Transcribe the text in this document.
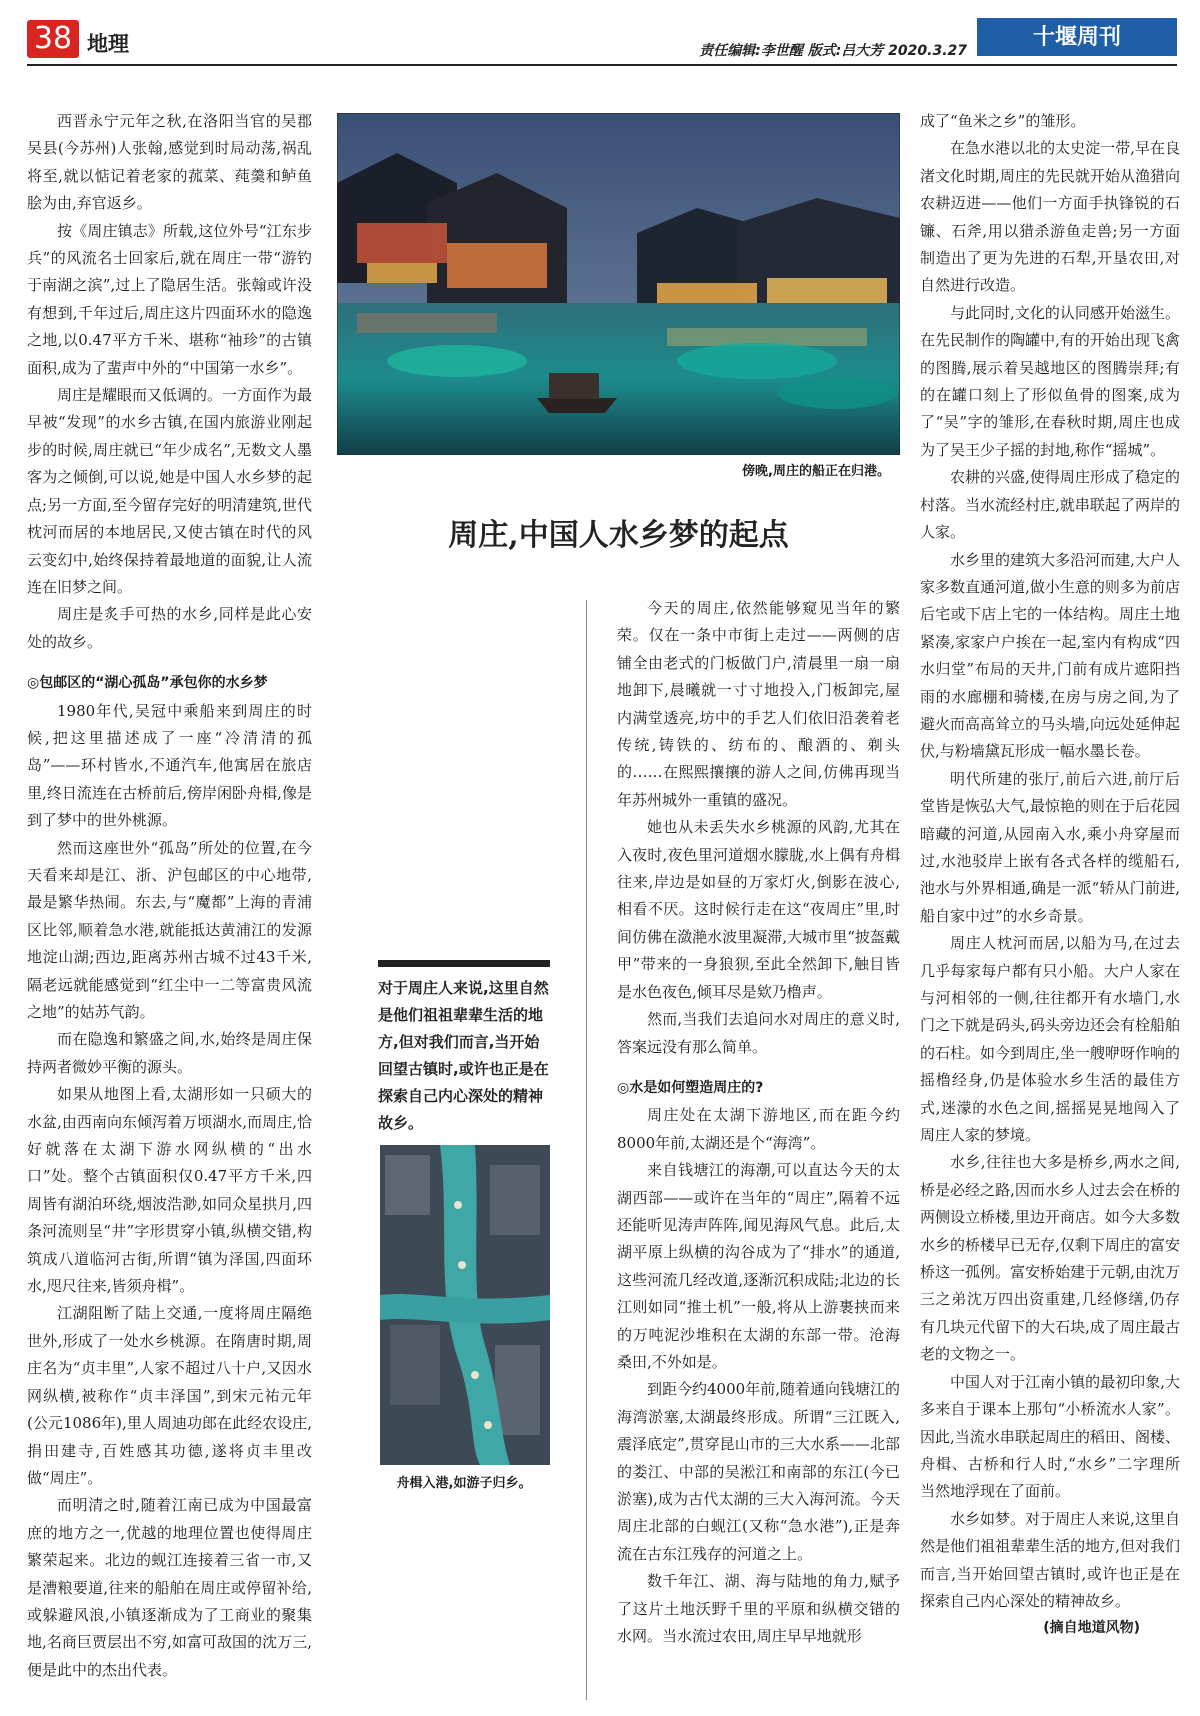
38 地理	责任编辑:李世醒 版式:吕大芳 2020.3.27
十堰周刊

西晋永宁元年之秋,在洛阳当官的吴郡吴县(今苏州)人张翰,感觉到时局动荡,祸乱将至,就以惦记着老家的菰菜、莼羹和鲈鱼脍为由,弃官返乡。

按《周庄镇志》所载,这位外号“江东步兵”的风流名士回家后,就在周庄一带“游钓于南湖之滨”,过上了隐居生活。张翰或许没有想到,千年过后,周庄这片四面环水的隐逸之地,以0.47平方千米、堪称“袖珍”的古镇面积,成为了蜚声中外的“中国第一水乡”。

周庄是耀眼而又低调的。一方面作为最早被“发现”的水乡古镇,在国内旅游业刚起步的时候,周庄就已“年少成名”,无数文人墨客为之倾倒,可以说,她是中国人水乡梦的起点;另一方面,至今留存完好的明清建筑,世代枕河而居的本地居民,又使古镇在时代的风云变幻中,始终保持着最地道的面貌,让人流连在旧梦之间。

周庄是炙手可热的水乡,同样是此心安处的故乡。

◎包邮区的“湖心孤岛”承包你的水乡梦

1980年代,吴冠中乘船来到周庄的时候,把这里描述成了一座“冷清清的孤岛”——环村皆水,不通汽车,他寓居在旅店里,终日流连在古桥前后,傍岸闲卧舟楫,像是到了梦中的世外桃源。

然而这座世外“孤岛”所处的位置,在今天看来却是江、浙、沪包邮区的中心地带,最是繁华热闹。东去,与“魔都”上海的青浦区比邻,顺着急水港,就能抵达黄浦江的发源地淀山湖;西边,距离苏州古城不过43千米,隔老远就能感觉到“红尘中一二等富贵风流之地”的姑苏气韵。

而在隐逸和繁盛之间,水,始终是周庄保持两者微妙平衡的源头。

如果从地图上看,太湖形如一只硕大的水盆,由西南向东倾泻着万顷湖水,而周庄,恰好就落在太湖下游水网纵横的“出水口”处。整个古镇面积仅0.47平方千米,四周皆有湖泊环绕,烟波浩渺,如同众星拱月,四条河流则呈“井”字形贯穿小镇,纵横交错,构筑成八道临河古街,所谓“镇为泽国,四面环水,咫尺往来,皆须舟楫”。

江湖阻断了陆上交通,一度将周庄隔绝世外,形成了一处水乡桃源。在隋唐时期,周庄名为“贞丰里”,人家不超过八十户,又因水网纵横,被称作“贞丰泽国”,到宋元祐元年(公元1086年),里人周迪功郎在此经农设庄,捐田建寺,百姓感其功德,遂将贞丰里改做“周庄”。

而明清之时,随着江南已成为中国最富庶的地方之一,优越的地理位置也使得周庄繁荣起来。北边的蚬江连接着三省一市,又是漕粮要道,往来的船舶在周庄或停留补给,或躲避风浪,小镇逐渐成为了工商业的聚集地,名商巨贾层出不穷,如富可敌国的沈万三,便是此中的杰出代表。

傍晚,周庄的船正在归港。
周庄,中国人水乡梦的起点
对于周庄人来说,这里自然是他们祖祖辈辈生活的地方,但对我们而言,当开始回望古镇时,或许也正是在探索自己内心深处的精神故乡。
舟楫入港,如游子归乡。

今天的周庄,依然能够窥见当年的繁荣。仅在一条中市街上走过——两侧的店铺全由老式的门板做门户,清晨里一扇一扇地卸下,晨曦就一寸寸地投入,门板卸完,屋内满堂透亮,坊中的手艺人们依旧沿袭着老传统,铸铁的、纺布的、酿酒的、剃头的……在熙熙攘攘的游人之间,仿佛再现当年苏州城外一重镇的盛况。

她也从未丢失水乡桃源的风韵,尤其在入夜时,夜色里河道烟水朦胧,水上偶有舟楫往来,岸边是如昼的万家灯火,倒影在波心,相看不厌。这时候行走在这“夜周庄”里,时间仿佛在潋滟水波里凝滞,大城市里“披盔戴甲”带来的一身狼狈,至此全然卸下,触目皆是水色夜色,倾耳尽是欸乃橹声。

然而,当我们去追问水对周庄的意义时,答案远没有那么简单。

◎水是如何塑造周庄的?

周庄处在太湖下游地区,而在距今约8000年前,太湖还是个“海湾”。

来自钱塘江的海潮,可以直达今天的太湖西部——或许在当年的“周庄”,隔着不远还能听见涛声阵阵,闻见海风气息。此后,太湖平原上纵横的沟谷成为了“排水”的通道,这些河流几经改道,逐渐沉积成陆;北边的长江则如同“推土机”一般,将从上游裹挟而来的万吨泥沙堆积在太湖的东部一带。沧海桑田,不外如是。

到距今约4000年前,随着通向钱塘江的海湾淤塞,太湖最终形成。所谓“三江既入,震泽底定”,贯穿昆山市的三大水系——北部的娄江、中部的吴淞江和南部的东江(今已淤塞),成为古代太湖的三大入海河流。今天周庄北部的白蚬江(又称“急水港”),正是奔流在古东江残存的河道之上。

数千年江、湖、海与陆地的角力,赋予了这片土地沃野千里的平原和纵横交错的水网。当水流过农田,周庄早早地就形

成了“鱼米之乡”的雏形。

在急水港以北的太史淀一带,早在良渚文化时期,周庄的先民就开始从渔猎向农耕迈进——他们一方面手执锋锐的石镰、石斧,用以猎杀游鱼走兽;另一方面制造出了更为先进的石犁,开垦农田,对自然进行改造。

与此同时,文化的认同感开始滋生。在先民制作的陶罐中,有的开始出现飞禽的图腾,展示着吴越地区的图腾崇拜;有的在罐口刻上了形似鱼骨的图案,成为了“吴”字的雏形,在春秋时期,周庄也成为了吴王少子摇的封地,称作“摇城”。

农耕的兴盛,使得周庄形成了稳定的村落。当水流经村庄,就串联起了两岸的人家。

水乡里的建筑大多沿河而建,大户人家多数直通河道,做小生意的则多为前店后宅或下店上宅的一体结构。周庄土地紧凑,家家户户挨在一起,室内有构成“四水归堂”布局的天井,门前有成片遮阳挡雨的水廊棚和骑楼,在房与房之间,为了避火而高高耸立的马头墙,向远处延伸起伏,与粉墙黛瓦形成一幅水墨长卷。

明代所建的张厅,前后六进,前厅后堂皆是恢弘大气,最惊艳的则在于后花园暗藏的河道,从园南入水,乘小舟穿屋而过,水池驳岸上嵌有各式各样的缆船石,池水与外界相通,确是一派“轿从门前进,船自家中过”的水乡奇景。

周庄人枕河而居,以船为马,在过去几乎每家每户都有只小船。大户人家在与河相邻的一侧,往往都开有水墙门,水门之下就是码头,码头旁边还会有栓船舶的石柱。如今到周庄,坐一艘咿呀作响的摇橹经身,仍是体验水乡生活的最佳方式,迷濛的水色之间,摇摇晃晃地闯入了周庄人家的梦境。

水乡,往往也大多是桥乡,两水之间,桥是必经之路,因而水乡人过去会在桥的两侧设立桥楼,里边开商店。如今大多数水乡的桥楼早已无存,仅剩下周庄的富安桥这一孤例。富安桥始建于元朝,由沈万三之弟沈万四出资重建,几经修缮,仍存有几块元代留下的大石块,成了周庄最古老的文物之一。

中国人对于江南小镇的最初印象,大多来自于课本上那句“小桥流水人家”。因此,当流水串联起周庄的稻田、阁楼、舟楫、古桥和行人时,“水乡”二字理所当然地浮现在了面前。

水乡如梦。对于周庄人来说,这里自然是他们祖祖辈辈生活的地方,但对我们而言,当开始回望古镇时,或许也正是在探索自己内心深处的精神故乡。

(摘自地道风物)
